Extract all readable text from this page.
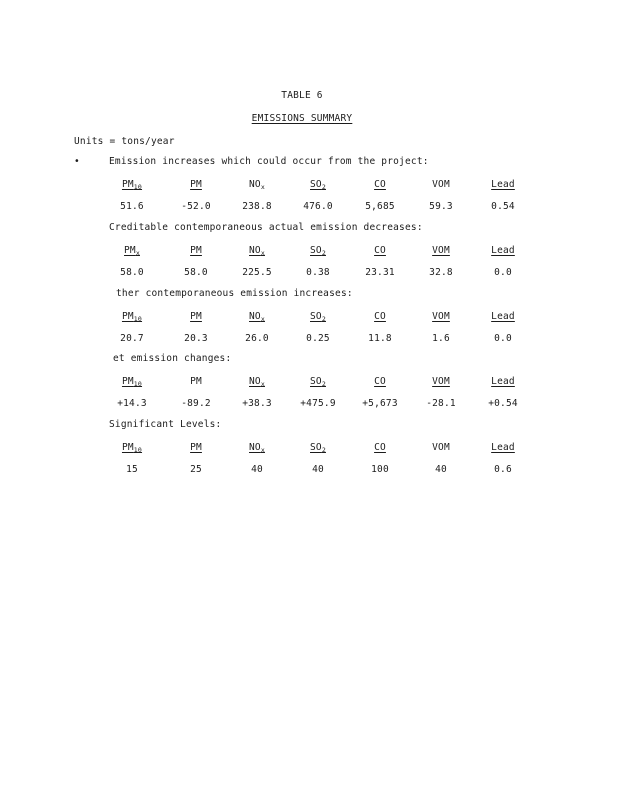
TABLE 6
EMISSIONS SUMMARY
Units = tons/year
•	Emission increases which could occur from the project:
$PM_{10}$	PM	$NO_x$	$SO_2$	CO	VOM	Lead
51.6	-52.0	238.8	476.0	5,685	59.3	0.54
Creditable contemporaneous actual emission decreases:
$PM_x$	PM	$NO_x$	$SO_2$	CO	VOM	Lead
58.0	58.0	225.5	0.38	23.31	32.8	0.0
ther contemporaneous emission increases:
$PM_{10}$	PM	$NO_x$	$SO_2$	CO	VOM	Lead
20.7	20.3	26.0	0.25	11.8	1.6	0.0
et emission changes:
$PM_{10}$	PM	$NO_x$	$SO_2$	CO	VOM	Lead
+14.3	-89.2	+38.3	+475.9	+5,673	-28.1	+0.54
Significant Levels:
$PM_{10}$	PM	$NO_x$	$SO_2$	CO	VOM	Lead
15	25	40	40	100	40	0.6
